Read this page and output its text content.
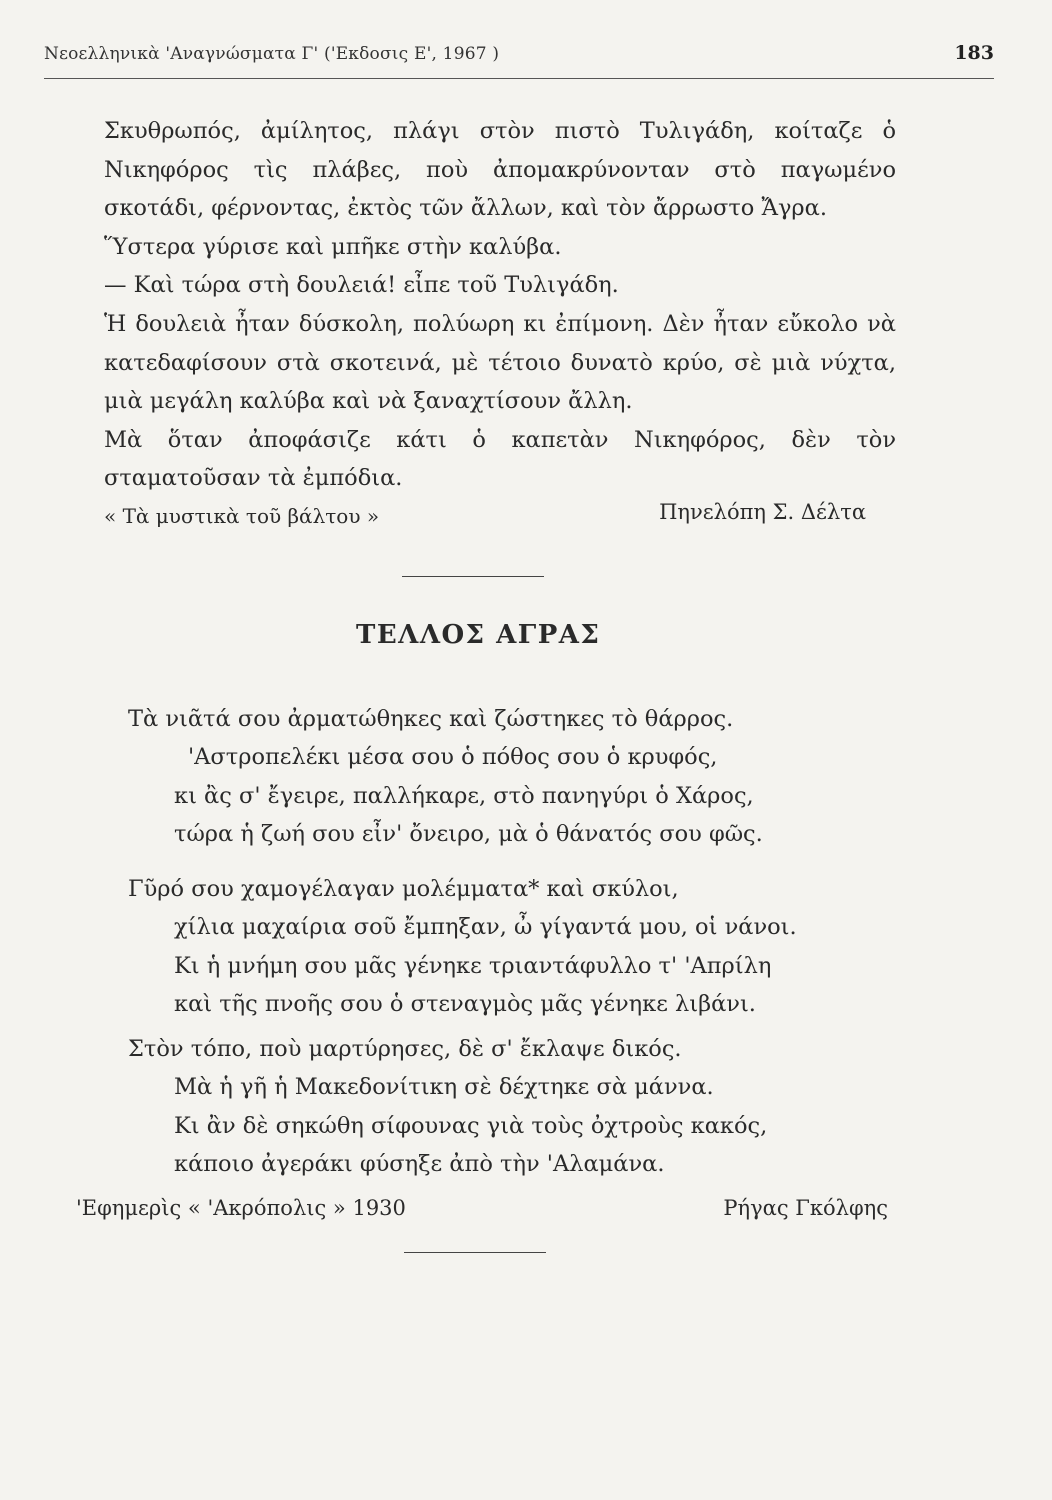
Νεοελληνικὰ 'Αναγνώσματα Γ' ('Εκδοσις Ε', 1967 )	183

Σκυθρωπός, ἀμίλητος, πλάγι στὸν πιστὸ Τυλιγάδη, κοίταζε ὁ Νικηφόρος τὶς πλάβες, ποὺ ἀπομακρύνονταν στὸ παγωμένο σκοτάδι, φέρνοντας, ἐκτὸς τῶν ἄλλων, καὶ τὸν ἄρρωστο Ἄγρα.

Ὕστερα γύρισε καὶ μπῆκε στὴν καλύβα.

— Καὶ τώρα στὴ δουλειά! εἶπε τοῦ Τυλιγάδη.

Ἡ δουλειὰ ἦταν δύσκολη, πολύωρη κι ἐπίμονη. Δὲν ἦταν εὔκολο νὰ κατεδαφίσουν στὰ σκοτεινά, μὲ τέτοιο δυνατὸ κρύο, σὲ μιὰ νύχτα, μιὰ μεγάλη καλύβα καὶ νὰ ξαναχτίσουν ἄλλη.

Μὰ ὅταν ἀποφάσιζε κάτι ὁ καπετὰν Νικηφόρος, δὲν τὸν σταματοῦσαν τὰ ἐμπόδια.

« Τὰ μυστικὰ τοῦ βάλτου »	Πηνελόπη Σ. Δέλτα
ΤΕΛΛΟΣ ΑΓΡΑΣ
Τὰ νιᾶτά σου ἀρματώθηκες καὶ ζώστηκες τὸ θάρρος.
'Αστροπελέκι μέσα σου ὁ πόθος σου ὁ κρυφός,
κι ἂς σ' ἔγειρε, παλλήκαρε, στὸ πανηγύρι ὁ Χάρος,
τώρα ἡ ζωή σου εἶν' ὄνειρο, μὰ ὁ θάνατός σου φῶς.
Γῦρό σου χαμογέλαγαν μολέμματα* καὶ σκύλοι,
χίλια μαχαίρια σοῦ ἔμπηξαν, ὦ γίγαντά μου, οἱ νάνοι.
Κι ἡ μνήμη σου μᾶς γένηκε τριαντάφυλλο τ' 'Απρίλη
καὶ τῆς πνοῆς σου ὁ στεναγμὸς μᾶς γένηκε λιβάνι.
Στὸν τόπο, ποὺ μαρτύρησες, δὲ σ' ἔκλαψε δικός.
Μὰ ἡ γῆ ἡ Μακεδονίτικη σὲ δέχτηκε σὰ μάννα.
Κι ἂν δὲ σηκώθη σίφουνας γιὰ τοὺς ὀχτροὺς κακός,
κάποιο ἀγεράκι φύσηξε ἀπὸ τὴν 'Αλαμάνα.
'Εφημερὶς « 'Ακρόπολις » 1930	Ρήγας Γκόλφης
